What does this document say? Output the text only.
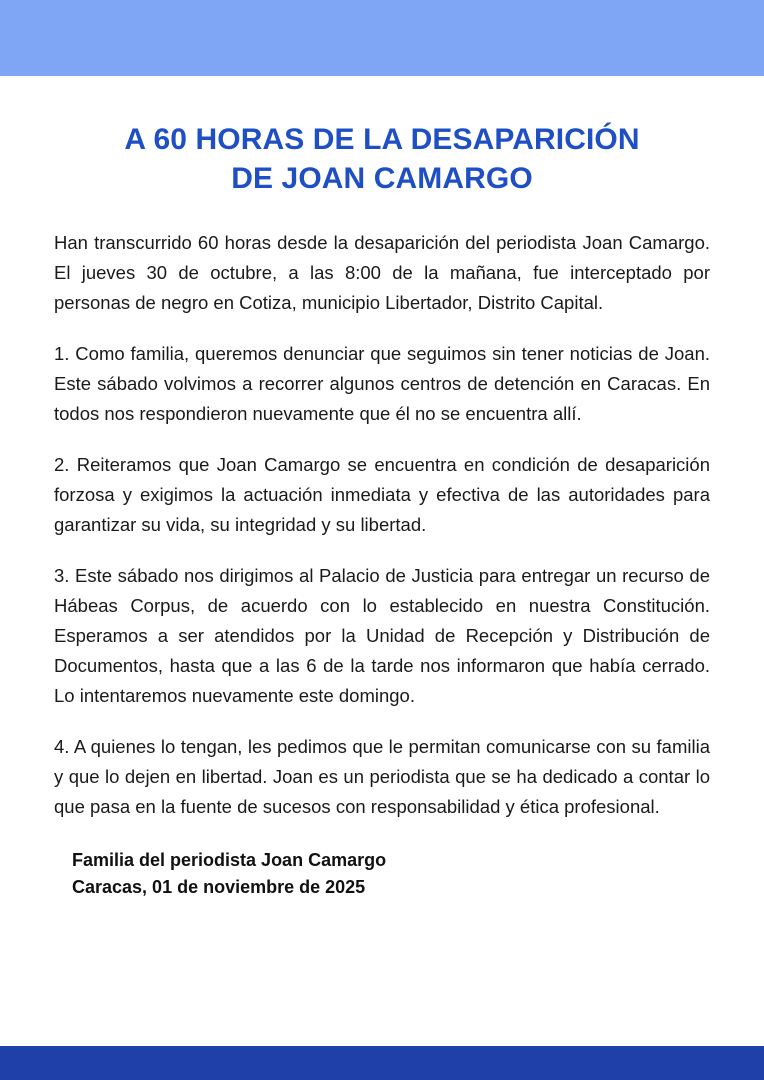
A 60 HORAS DE LA DESAPARICIÓN
DE JOAN CAMARGO

Han transcurrido 60 horas desde la desaparición del periodista Joan Camargo. El jueves 30 de octubre, a las 8:00 de la mañana, fue interceptado por personas de negro en Cotiza, municipio Libertador, Distrito Capital.

1. Como familia, queremos denunciar que seguimos sin tener noticias de Joan. Este sábado volvimos a recorrer algunos centros de detención en Caracas. En todos nos respondieron nuevamente que él no se encuentra allí.

2. Reiteramos que Joan Camargo se encuentra en condición de desaparición forzosa y exigimos la actuación inmediata y efectiva de las autoridades para garantizar su vida, su integridad y su libertad.

3. Este sábado nos dirigimos al Palacio de Justicia para entregar un recurso de Hábeas Corpus, de acuerdo con lo establecido en nuestra Constitución. Esperamos a ser atendidos por la Unidad de Recepción y Distribución de Documentos, hasta que a las 6 de la tarde nos informaron que había cerrado. Lo intentaremos nuevamente este domingo.

4. A quienes lo tengan, les pedimos que le permitan comunicarse con su familia y que lo dejen en libertad. Joan es un periodista que se ha dedicado a contar lo que pasa en la fuente de sucesos con responsabilidad y ética profesional.

Familia del periodista Joan Camargo
Caracas, 01 de noviembre de 2025
